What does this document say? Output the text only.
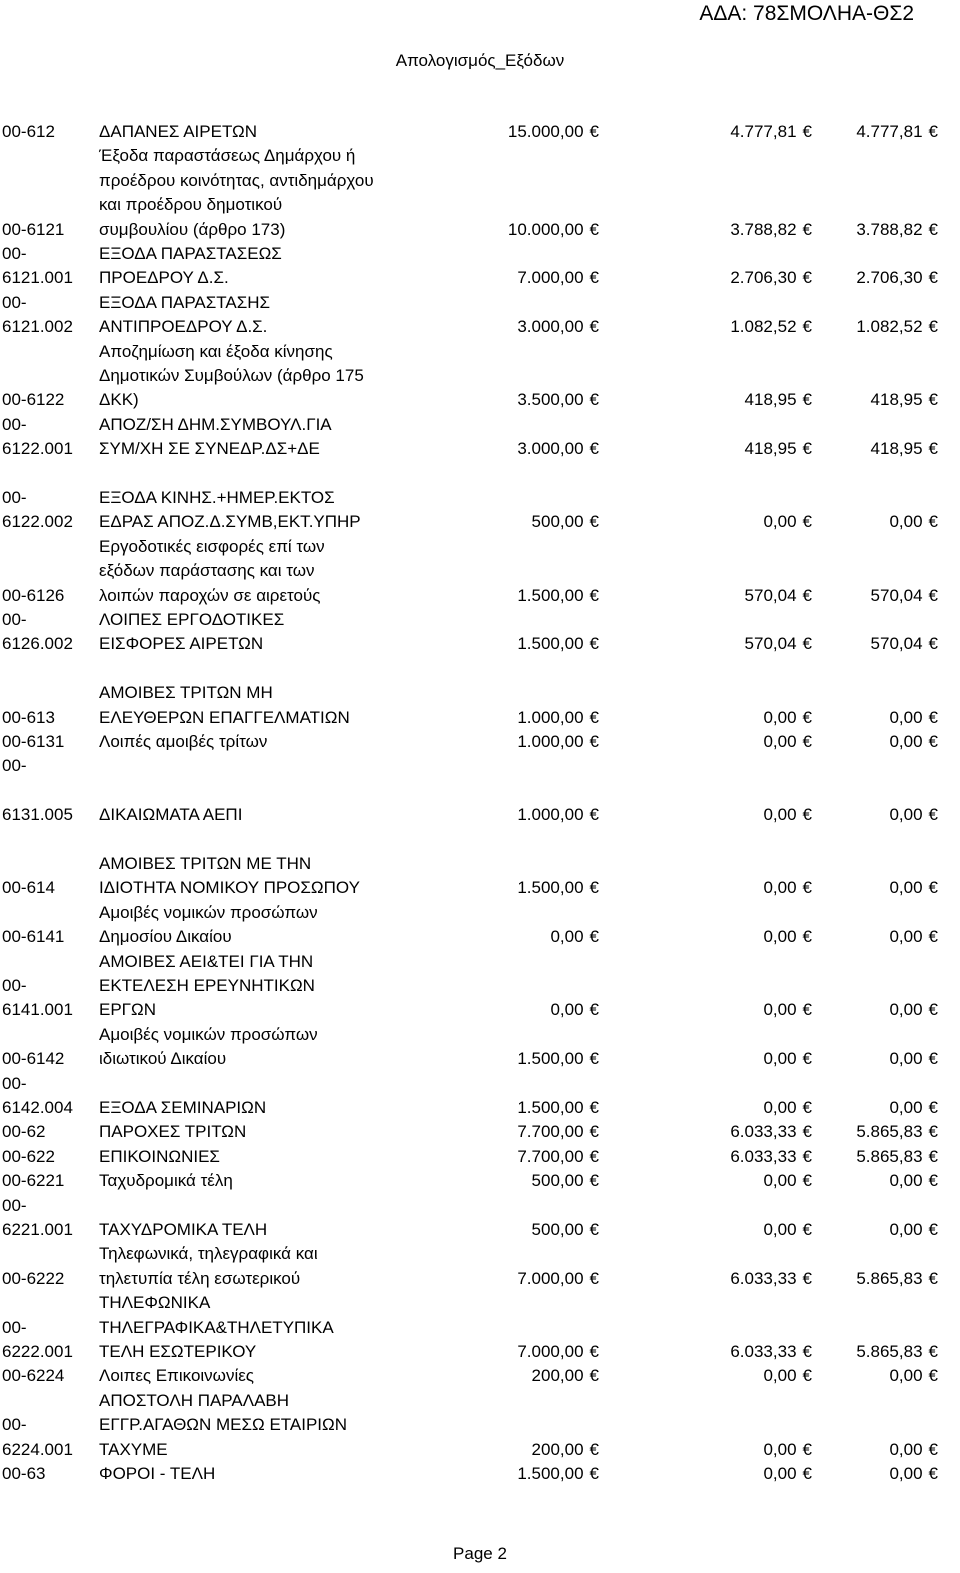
ΑΔΑ: 78ΣΜΟΛΗΑ-ΘΣ2
Απολογισμός_Εξόδων
00-612	ΔΑΠΑΝΕΣ ΑΙΡΕΤΩΝ	15.000,00 €	4.777,81 €	4.777,81 €
00-6121
Έξοδα παραστάσεως Δημάρχου ή
προέδρου κοινότητας, αντιδημάρχου
και προέδρου δημοτικού
συμβουλίου (άρθρο 173)	10.000,00 €	3.788,82 €	3.788,82 €
00-
6121.001
ΕΞΟΔΑ ΠΑΡΑΣΤΑΣΕΩΣ
ΠΡΟΕΔΡΟΥ Δ.Σ.	7.000,00 €	2.706,30 €	2.706,30 €
00-
6121.002
ΕΞΟΔΑ ΠΑΡΑΣΤΑΣΗΣ
ΑΝΤΙΠΡΟΕΔΡΟΥ Δ.Σ.	3.000,00 €	1.082,52 €	1.082,52 €
00-6122
Αποζημίωση και έξοδα κίνησης
Δημοτικών Συμβούλων (άρθρο 175
ΔΚΚ)	3.500,00 €	418,95 €	418,95 €
00-
6122.001
ΑΠΟΖ/ΣΗ ΔΗΜ.ΣΥΜΒΟΥΛ.ΓΙΑ
ΣΥΜ/ΧΗ ΣΕ ΣΥΝΕΔΡ.ΔΣ+ΔΕ	3.000,00 €	418,95 €	418,95 €
00-
6122.002
ΕΞΟΔΑ ΚΙΝΗΣ.+ΗΜΕΡ.ΕΚΤΟΣ
ΕΔΡΑΣ ΑΠΟΖ.Δ.ΣΥΜΒ,ΕΚΤ.ΥΠΗΡ	500,00 €	0,00 €	0,00 €
00-6126
Εργοδοτικές εισφορές επί των
εξόδων παράστασης και των
λοιπών παροχών σε αιρετούς	1.500,00 €	570,04 €	570,04 €
00-
6126.002
ΛΟΙΠΕΣ ΕΡΓΟΔΟΤΙΚΕΣ
ΕΙΣΦΟΡΕΣ ΑΙΡΕΤΩΝ	1.500,00 €	570,04 €	570,04 €
00-613
ΑΜΟΙΒΕΣ ΤΡΙΤΩΝ ΜΗ
ΕΛΕΥΘΕΡΩΝ ΕΠΑΓΓΕΛΜΑΤΙΩΝ	1.000,00 €	0,00 €	0,00 €
00-6131	Λοιπές αμοιβές τρίτων	1.000,00 €	0,00 €	0,00 €
00-

6131.005	ΔΙΚΑΙΩΜΑΤΑ ΑΕΠΙ	1.000,00 €	0,00 €	0,00 €
00-614
ΑΜΟΙΒΕΣ ΤΡΙΤΩΝ ΜΕ ΤΗΝ
ΙΔΙΟΤΗΤΑ ΝΟΜΙΚΟΥ ΠΡΟΣΩΠΟΥ	1.500,00 €	0,00 €	0,00 €
00-6141
Αμοιβές νομικών προσώπων
Δημοσίου Δικαίου	0,00 €	0,00 €	0,00 €
00-
6141.001
ΑΜΟΙΒΕΣ ΑΕΙ&ΤΕΙ ΓΙΑ ΤΗΝ
ΕΚΤΕΛΕΣΗ ΕΡΕΥΝΗΤΙΚΩΝ
ΕΡΓΩΝ	0,00 €	0,00 €	0,00 €
00-6142
Αμοιβές νομικών προσώπων
ιδιωτικού Δικαίου	1.500,00 €	0,00 €	0,00 €
00-
6142.004	ΕΞΟΔΑ ΣΕΜΙΝΑΡΙΩΝ	1.500,00 €	0,00 €	0,00 €
00-62	ΠΑΡΟΧΕΣ ΤΡΙΤΩΝ	7.700,00 €	6.033,33 €	5.865,83 €
00-622	ΕΠΙΚΟΙΝΩΝΙΕΣ	7.700,00 €	6.033,33 €	5.865,83 €
00-6221	Ταχυδρομικά τέλη	500,00 €	0,00 €	0,00 €
00-
6221.001	ΤΑΧΥΔΡΟΜΙΚΑ ΤΕΛΗ	500,00 €	0,00 €	0,00 €
00-6222
Τηλεφωνικά, τηλεγραφικά και
τηλετυπία τέλη εσωτερικού	7.000,00 €	6.033,33 €	5.865,83 €
00-
6222.001
ΤΗΛΕΦΩΝΙΚΑ
ΤΗΛΕΓΡΑΦΙΚΑ&ΤΗΛΕΤΥΠΙΚΑ
ΤΕΛΗ ΕΣΩΤΕΡΙΚΟΥ	7.000,00 €	6.033,33 €	5.865,83 €
00-6224	Λοιπες Επικοινωνίες	200,00 €	0,00 €	0,00 €
00-
6224.001
ΑΠΟΣΤΟΛΗ ΠΑΡΑΛΑΒΗ
ΕΓΓΡ.ΑΓΑΘΩΝ ΜΕΣΩ ΕΤΑΙΡΙΩΝ
ΤΑΧΥΜΕ	200,00 €	0,00 €	0,00 €
00-63	ΦΟΡΟΙ - ΤΕΛΗ	1.500,00 €	0,00 €	0,00 €
Page 2
